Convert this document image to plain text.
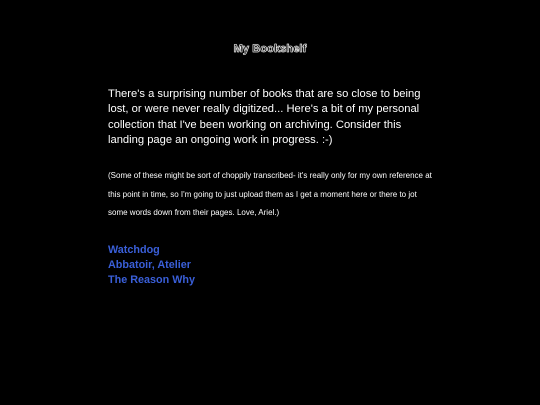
My Bookshelf

There's a surprising number of books that are so close to being lost, or were never really digitized... Here's a bit of my personal collection that I've been working on archiving. Consider this landing page an ongoing work in progress. :-)

(Some of these might be sort of choppily transcribed- it's really only for my own reference at this point in time, so I'm going to just upload them as I get a moment here or there to jot some words down from their pages. Love, Ariel.)

Watchdog
Abbatoir, Atelier
The Reason Why
